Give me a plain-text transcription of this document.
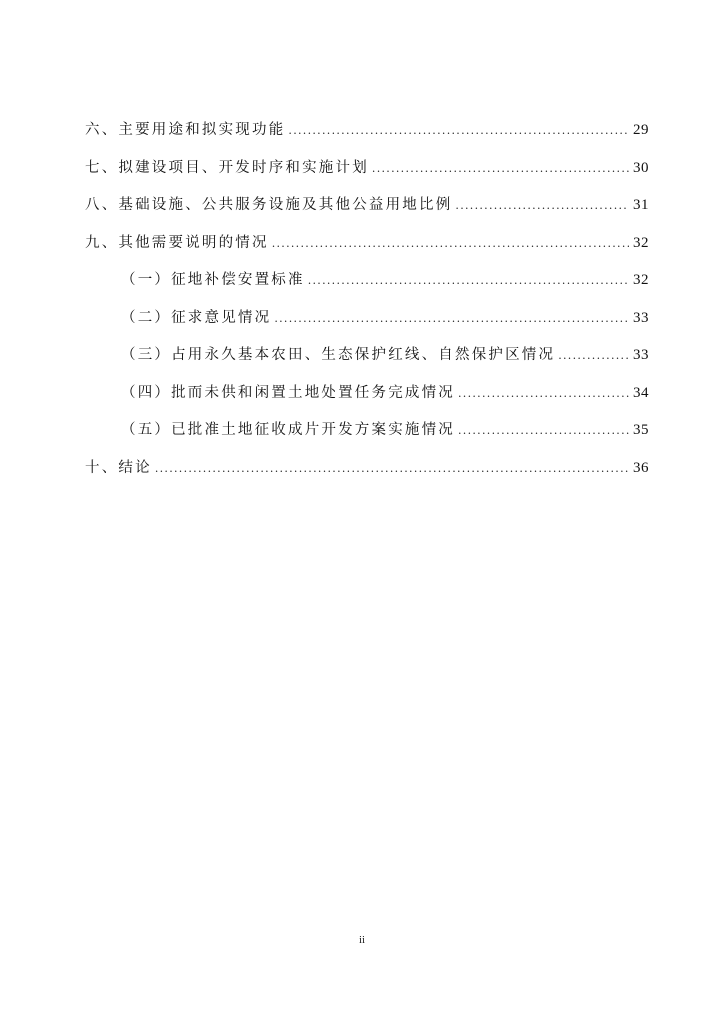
六、主要用途和拟实现功能 .....	29
七、拟建设项目、开发时序和实施计划 .....	30
八、基础设施、公共服务设施及其他公益用地比例 .....	31
九、其他需要说明的情况 .....	32
（一）征地补偿安置标准 .....	32
（二）征求意见情况 .....	33
（三）占用永久基本农田、生态保护红线、自然保护区情况 .....	33
（四）批而未供和闲置土地处置任务完成情况 .....	34
（五）已批准土地征收成片开发方案实施情况 .....	35
十、结论 .....	36
ii
